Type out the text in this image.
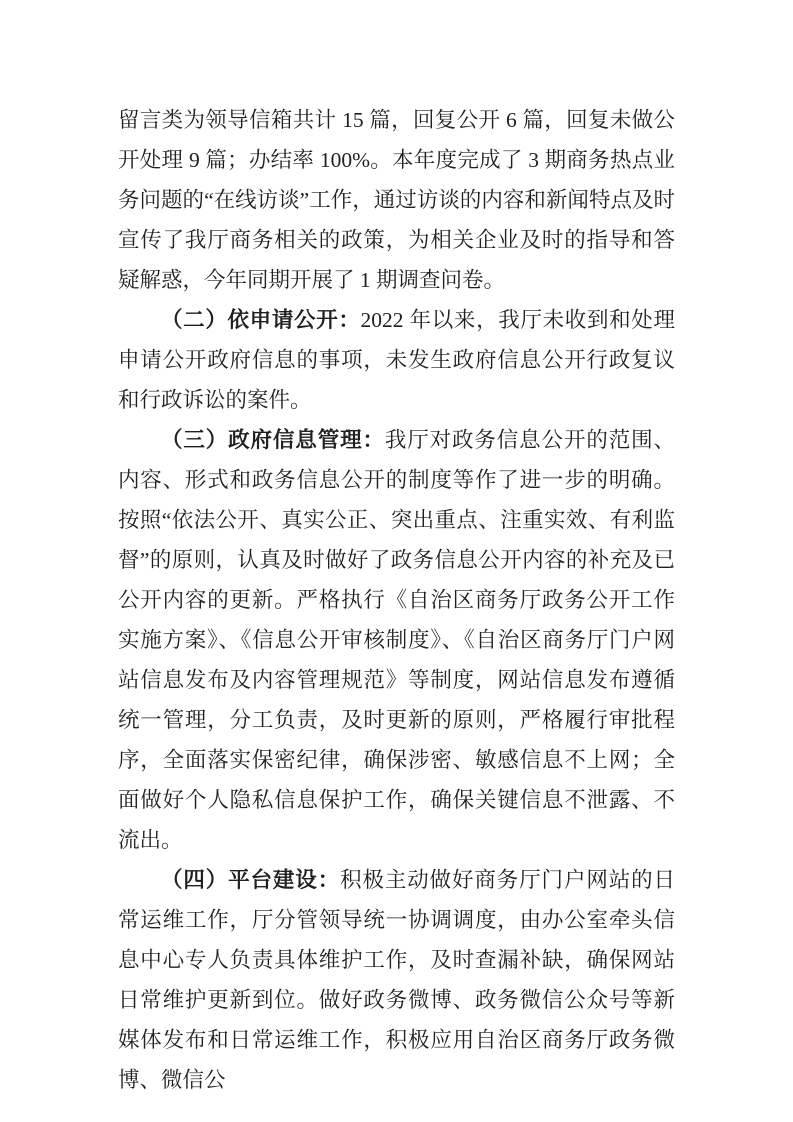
留言类为领导信箱共计 15 篇，回复公开 6 篇，回复未做公开处理 9 篇；办结率 100%。本年度完成了 3 期商务热点业务问题的“在线访谈”工作，通过访谈的内容和新闻特点及时宣传了我厅商务相关的政策，为相关企业及时的指导和答疑解惑，今年同期开展了 1 期调查问卷。

（二）依申请公开：2022 年以来，我厅未收到和处理申请公开政府信息的事项，未发生政府信息公开行政复议和行政诉讼的案件。

（三）政府信息管理：我厅对政务信息公开的范围、内容、形式和政务信息公开的制度等作了进一步的明确。按照“依法公开、真实公正、突出重点、注重实效、有利监督”的原则，认真及时做好了政务信息公开内容的补充及已公开内容的更新。严格执行《自治区商务厅政务公开工作实施方案》、《信息公开审核制度》、《自治区商务厅门户网站信息发布及内容管理规范》等制度，网站信息发布遵循统一管理，分工负责，及时更新的原则，严格履行审批程序，全面落实保密纪律，确保涉密、敏感信息不上网；全面做好个人隐私信息保护工作，确保关键信息不泄露、不流出。

（四）平台建设：积极主动做好商务厅门户网站的日常运维工作，厅分管领导统一协调调度，由办公室牵头信息中心专人负责具体维护工作，及时查漏补缺，确保网站日常维护更新到位。做好政务微博、政务微信公众号等新媒体发布和日常运维工作，积极应用自治区商务厅政务微博、微信公
